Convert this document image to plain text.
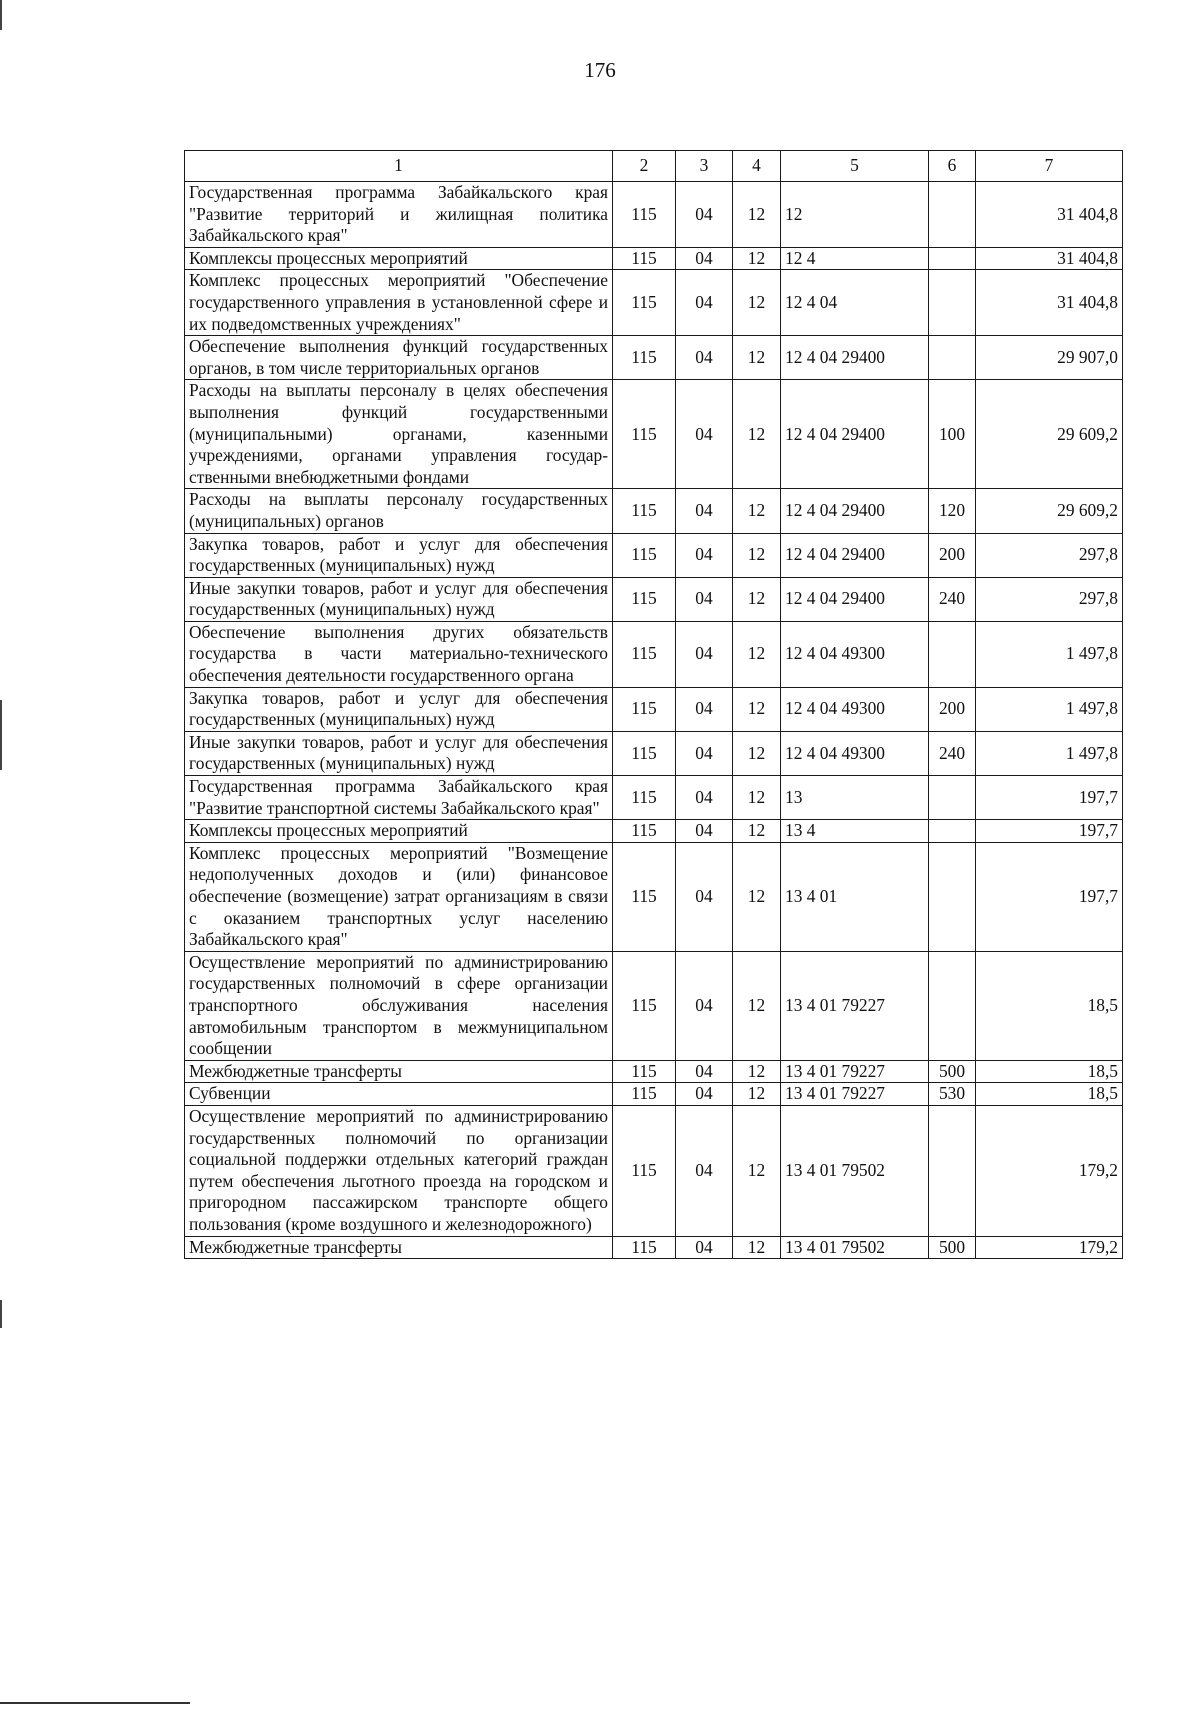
176
1	2	3	4	5	6	7
Государственная программа Забайкальского края "Развитие территорий и жилищная политика Забайкальского края"	115	04	12	12		31 404,8
Комплексы процессных мероприятий	115	04	12	12 4		31 404,8
Комплекс процессных мероприятий "Обеспечение государственного управления в установленной сфере и их подведомственных учреждениях"	115	04	12	12 4 04		31 404,8
Обеспечение выполнения функций государственных органов, в том числе территориальных органов	115	04	12	12 4 04 29400		29 907,0
Расходы на выплаты персоналу в целях обеспечения выполнения функций государственными (муниципальными) органами, казенными учреждениями, органами управления государственными внебюджетными фондами	115	04	12	12 4 04 29400	100	29 609,2
Расходы на выплаты персоналу государственных (муниципальных) органов	115	04	12	12 4 04 29400	120	29 609,2
Закупка товаров, работ и услуг для обеспечения государственных (муниципальных) нужд	115	04	12	12 4 04 29400	200	297,8
Иные закупки товаров, работ и услуг для обеспечения государственных (муниципальных) нужд	115	04	12	12 4 04 29400	240	297,8
Обеспечение выполнения других обязательств государства в части материально-технического обеспечения деятельности государственного органа	115	04	12	12 4 04 49300		1 497,8
Закупка товаров, работ и услуг для обеспечения государственных (муниципальных) нужд	115	04	12	12 4 04 49300	200	1 497,8
Иные закупки товаров, работ и услуг для обеспечения государственных (муниципальных) нужд	115	04	12	12 4 04 49300	240	1 497,8
Государственная программа Забайкальского края "Развитие транспортной системы Забайкальского края"	115	04	12	13		197,7
Комплексы процессных мероприятий	115	04	12	13 4		197,7
Комплекс процессных мероприятий "Возмещение недополученных доходов и (или) финансовое обеспечение (возмещение) затрат организациям в связи с оказанием транспортных услуг населению Забайкальского края"	115	04	12	13 4 01		197,7
Осуществление мероприятий по администрированию государственных полномочий в сфере организации транспортного обслуживания населения автомобильным транспортом в межмуниципальном сообщении	115	04	12	13 4 01 79227		18,5
Межбюджетные трансферты	115	04	12	13 4 01 79227	500	18,5
Субвенции	115	04	12	13 4 01 79227	530	18,5
Осуществление мероприятий по администрированию государственных полномочий по организации социальной поддержки отдельных категорий граждан путем обеспечения льготного проезда на городском и пригородном пассажирском транспорте общего пользования (кроме воздушного и железнодорожного)	115	04	12	13 4 01 79502		179,2
Межбюджетные трансферты	115	04	12	13 4 01 79502	500	179,2
